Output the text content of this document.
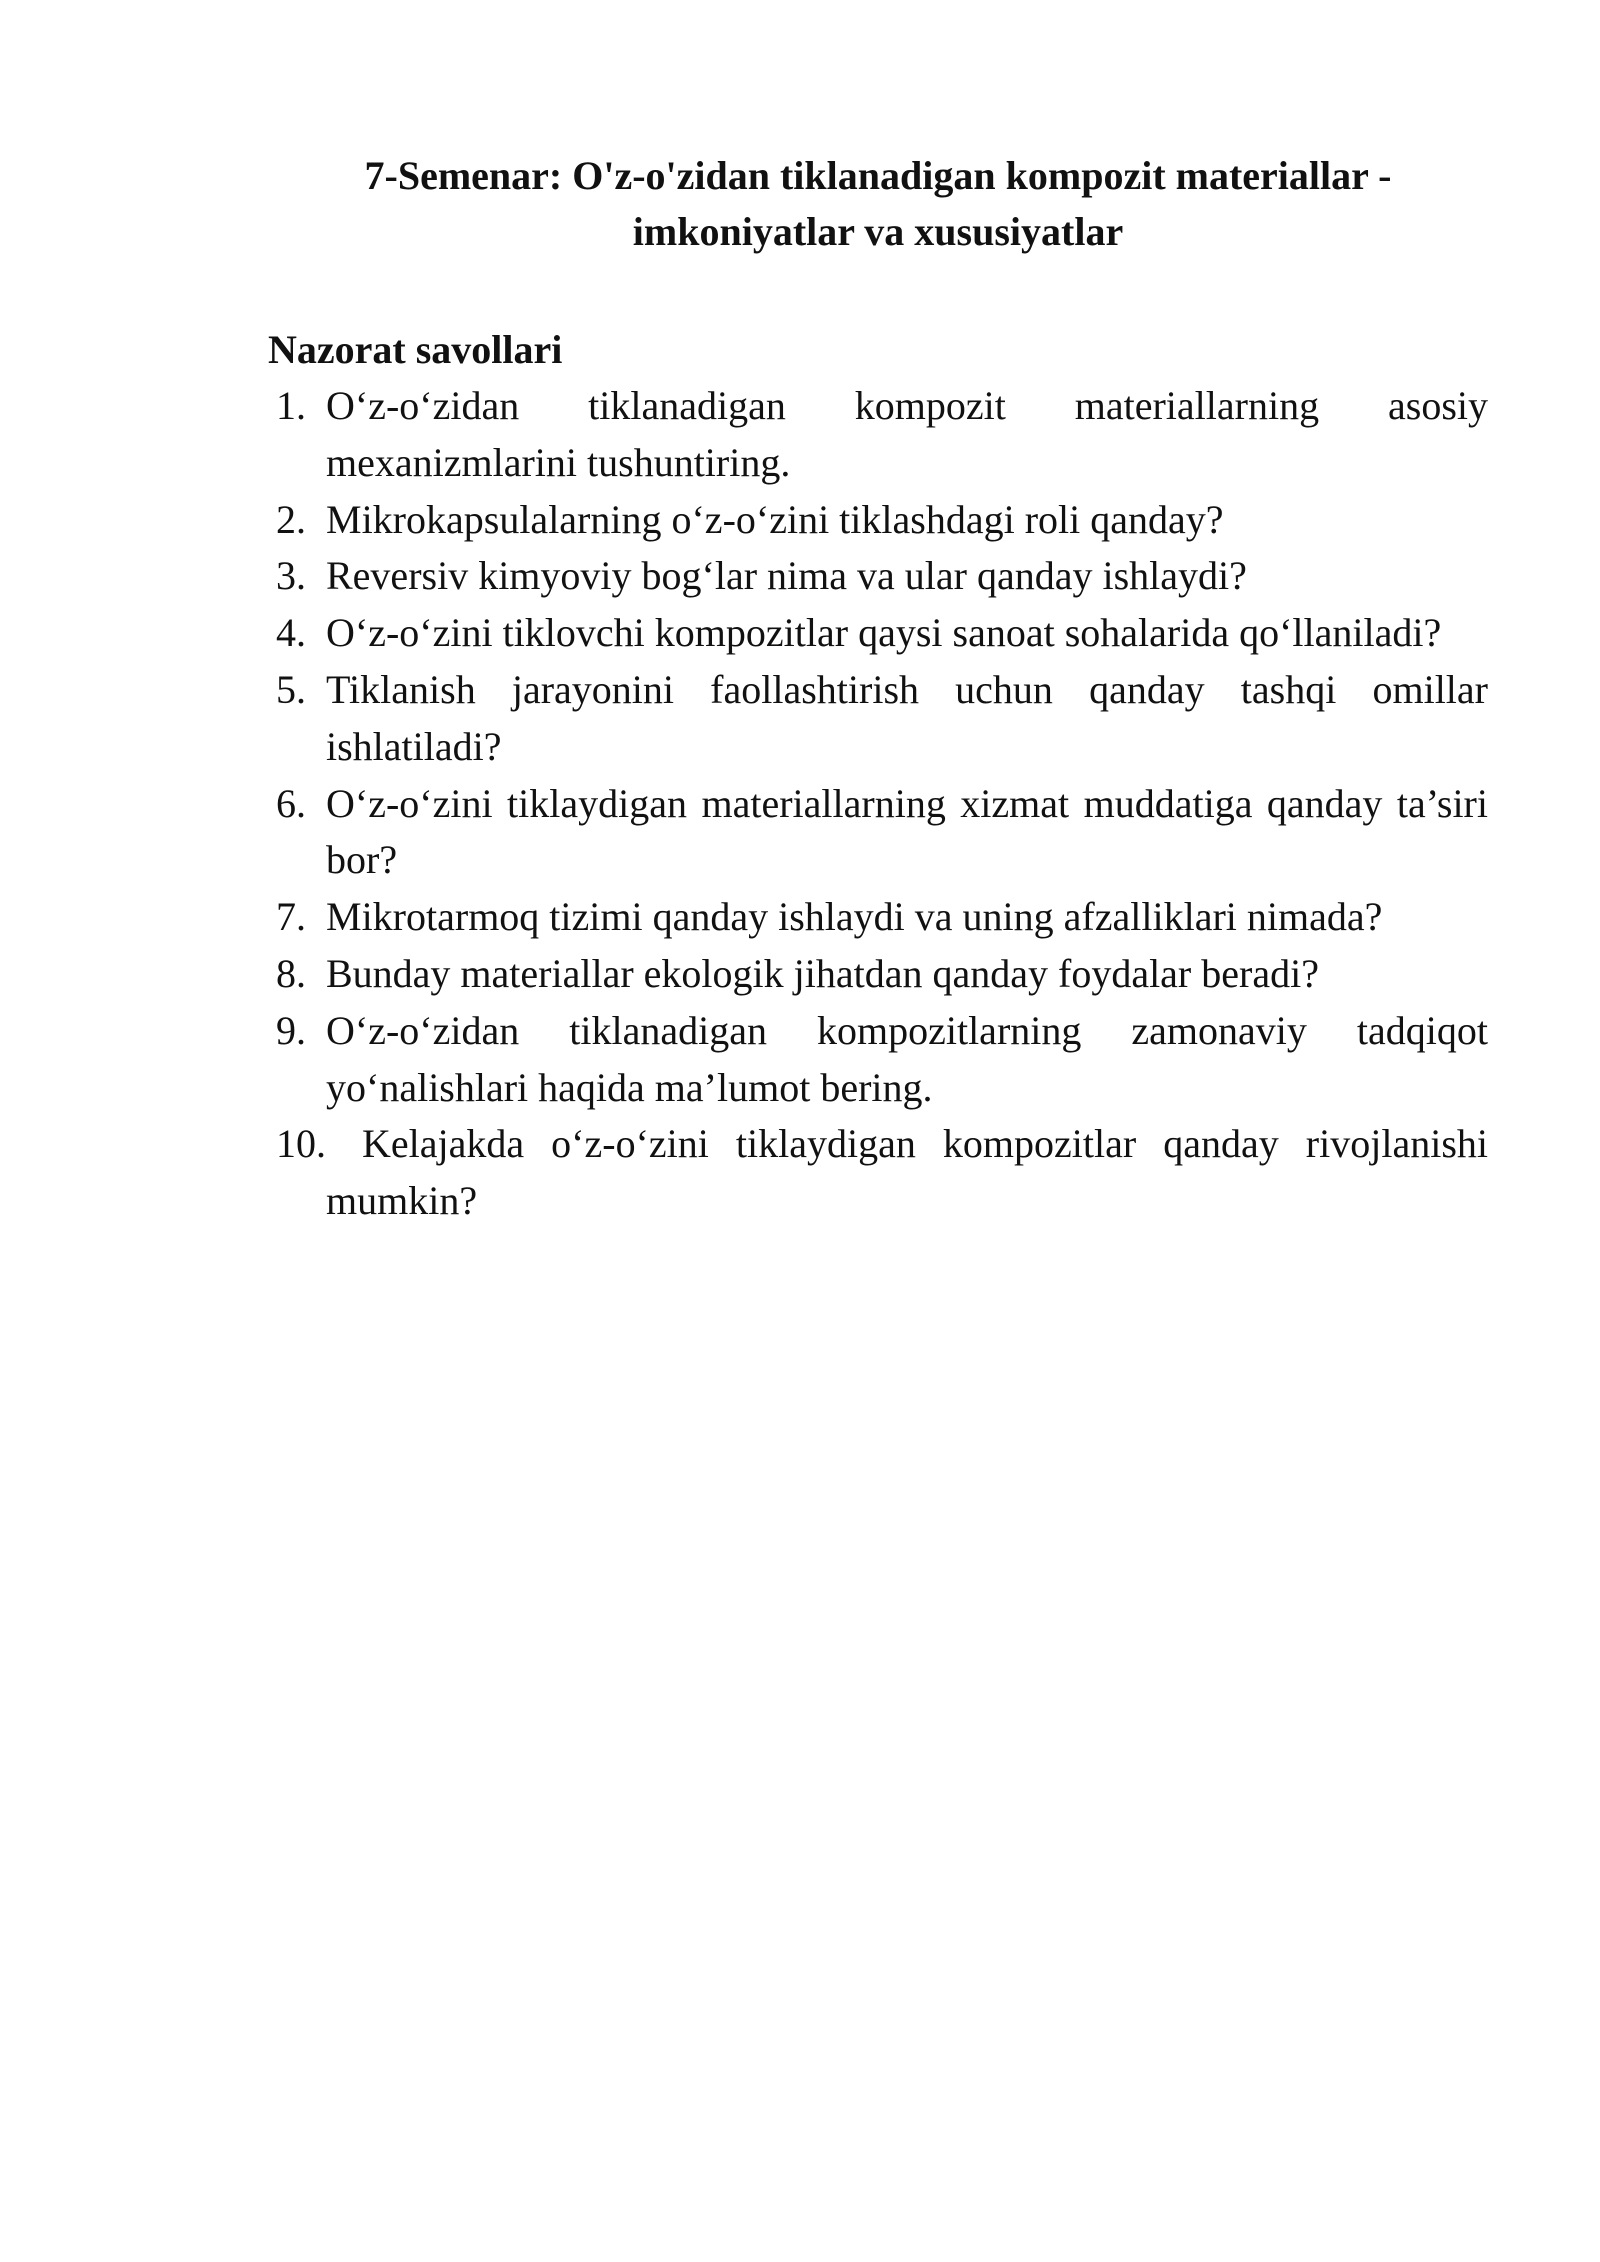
7-Semenar: O'z-o'zidan tiklanadigan kompozit materiallar -
imkoniyatlar va xususiyatlar
Nazorat savollari
1. O‘z-o‘zidan tiklanadigan kompozit materiallarning asosiy mexanizmlarini tushuntiring.
2. Mikrokapsulalarning o‘z-o‘zini tiklashdagi roli qanday?
3. Reversiv kimyoviy bog‘lar nima va ular qanday ishlaydi?
4. O‘z-o‘zini tiklovchi kompozitlar qaysi sanoat sohalarida qo‘llaniladi?
5. Tiklanish jarayonini faollashtirish uchun qanday tashqi omillar ishlatiladi?
6. O‘z-o‘zini tiklaydigan materiallarning xizmat muddatiga qanday ta’siri bor?
7. Mikrotarmoq tizimi qanday ishlaydi va uning afzalliklari nimada?
8. Bunday materiallar ekologik jihatdan qanday foydalar beradi?
9. O‘z-o‘zidan tiklanadigan kompozitlarning zamonaviy tadqiqot yo‘nalishlari haqida ma’lumot bering.
10. Kelajakda o‘z-o‘zini tiklaydigan kompozitlar qanday rivojlanishi mumkin?
